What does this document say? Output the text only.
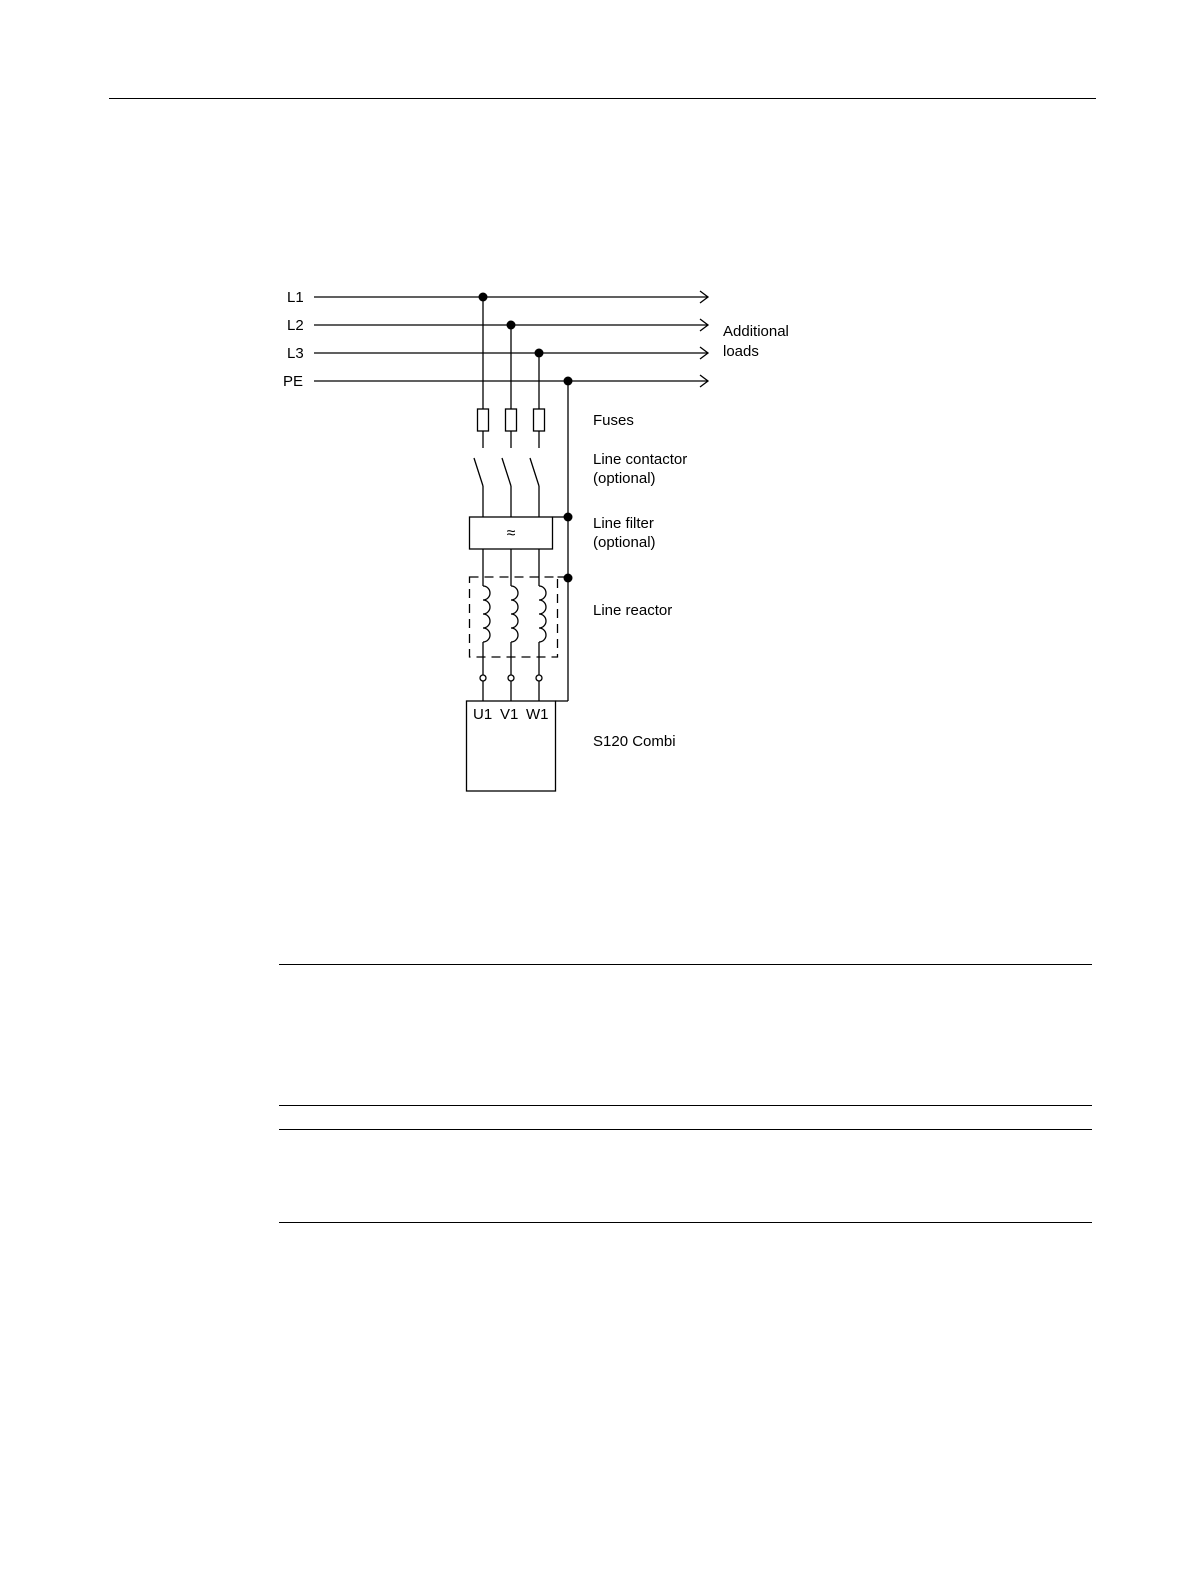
L1
L2
L3
PE
Additional
loads
Fuses
Line contactor
(optional)
Line filter
(optional)
≈
Line reactor
S120 Combi
U1 V1 W1
